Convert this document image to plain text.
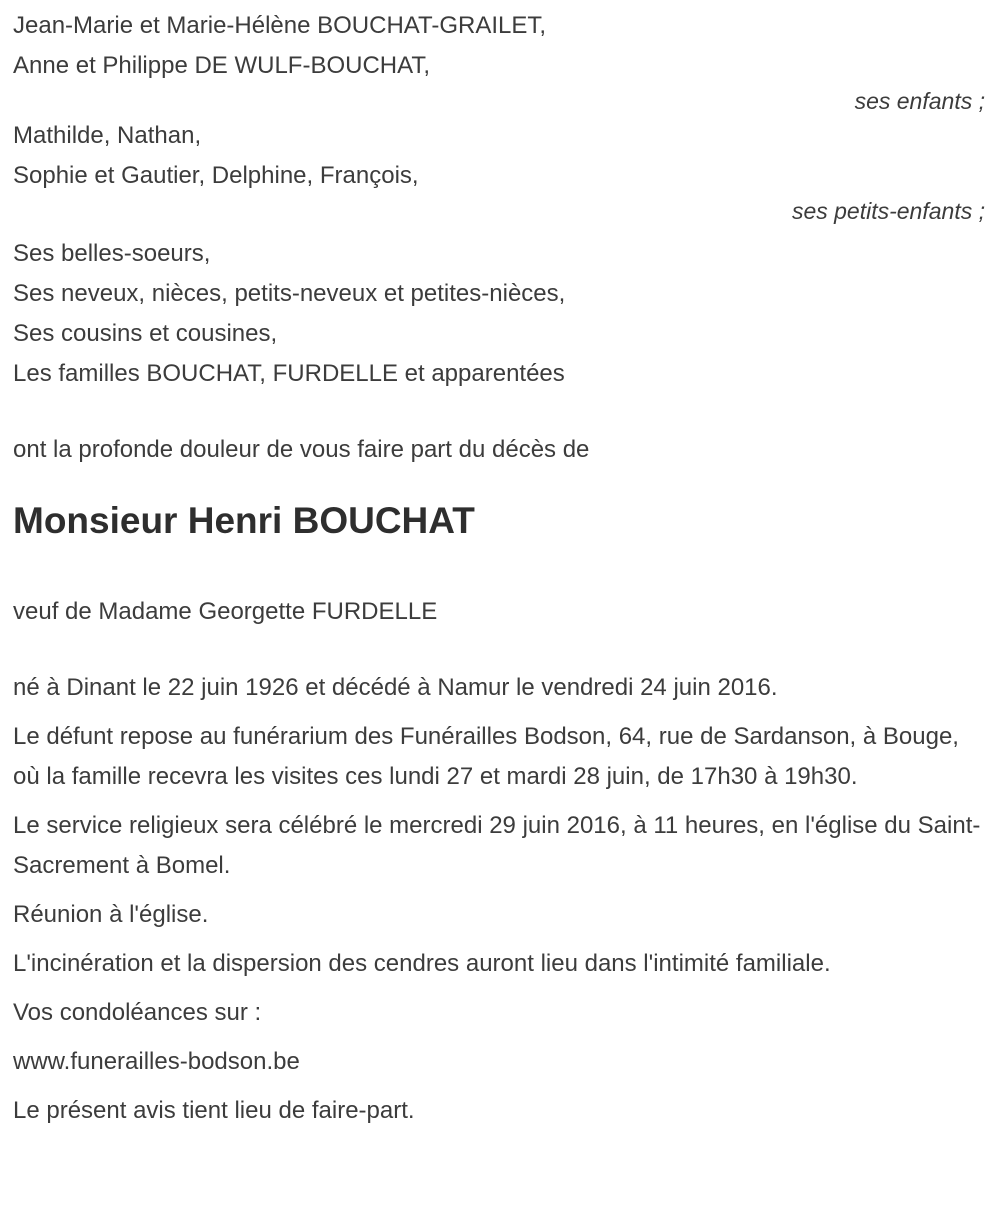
Jean-Marie et Marie-Hélène BOUCHAT-GRAILET,

Anne et Philippe DE WULF-BOUCHAT,

ses enfants ;

Mathilde, Nathan,

Sophie et Gautier, Delphine, François,

ses petits-enfants ;

Ses belles-soeurs,

Ses neveux, nièces, petits-neveux et petites-nièces,

Ses cousins et cousines,

Les familles BOUCHAT, FURDELLE et apparentées

ont la profonde douleur de vous faire part du décès de

Monsieur Henri BOUCHAT

veuf de Madame Georgette FURDELLE

né à Dinant le 22 juin 1926 et décédé à Namur le vendredi 24 juin 2016.

Le défunt repose au funérarium des Funérailles Bodson, 64, rue de Sardanson, à Bouge, où la famille recevra les visites ces lundi 27 et mardi 28 juin, de 17h30 à 19h30.

Le service religieux sera célébré le mercredi 29 juin 2016, à 11 heures, en l'église du Saint-Sacrement à Bomel.

Réunion à l'église.

L'incinération et la dispersion des cendres auront lieu dans l'intimité familiale.

Vos condoléances sur :

www.funerailles-bodson.be

Le présent avis tient lieu de faire-part.
